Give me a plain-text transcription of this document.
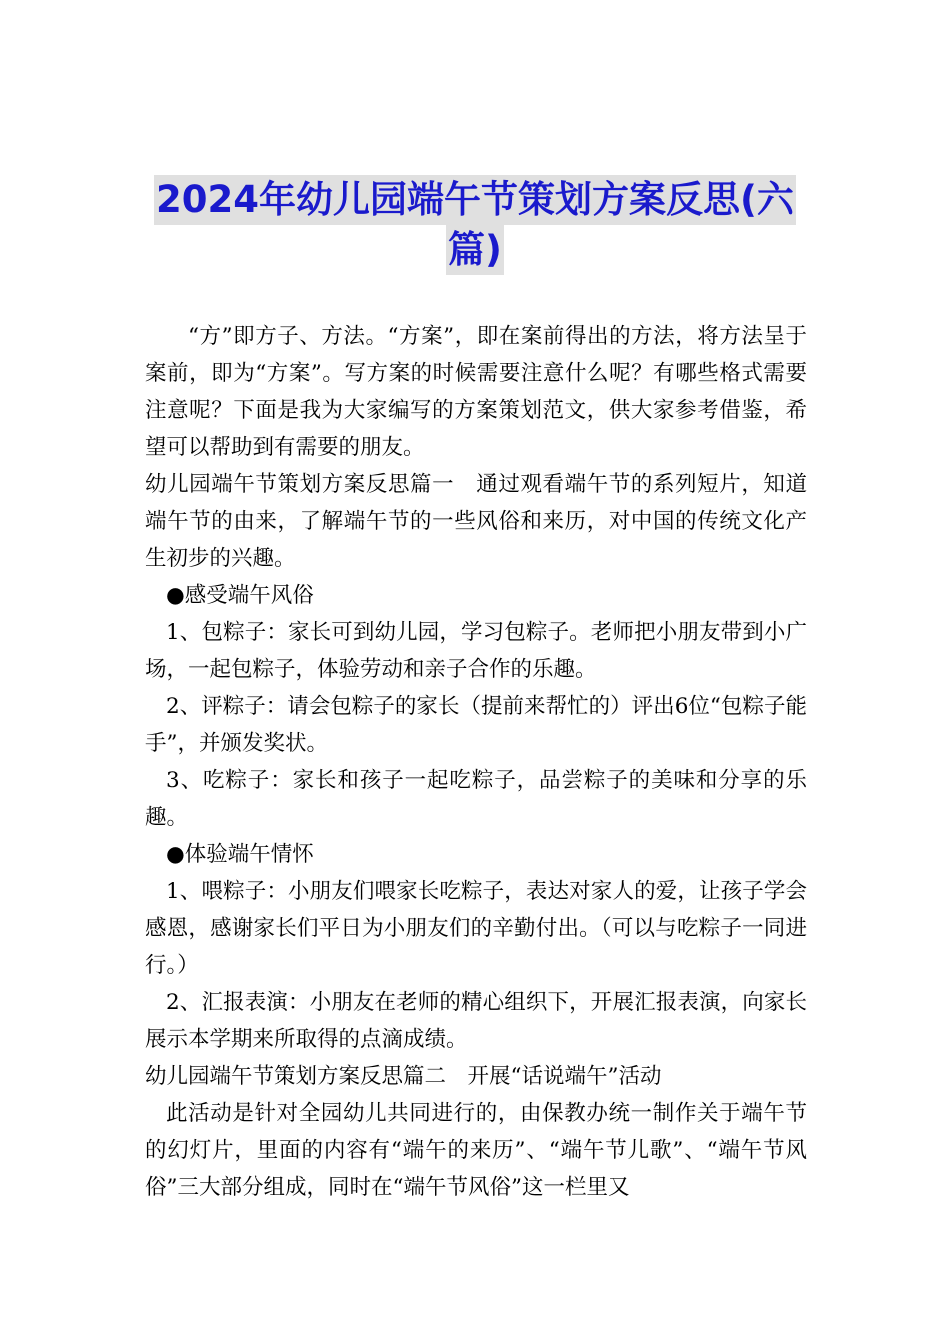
2024年幼儿园端午节策划方案反思(六
篇)

“方”即方子、方法。“方案”，即在案前得出的方法，将方法呈于案前，即为“方案”。写方案的时候需要注意什么呢？有哪些格式需要注意呢？下面是我为大家编写的方案策划范文，供大家参考借鉴，希望可以帮助到有需要的朋友。

幼儿园端午节策划方案反思篇一　通过观看端午节的系列短片，知道端午节的由来，了解端午节的一些风俗和来历，对中国的传统文化产生初步的兴趣。

●感受端午风俗

1、包粽子：家长可到幼儿园，学习包粽子。老师把小朋友带到小广场，一起包粽子，体验劳动和亲子合作的乐趣。

2、评粽子：请会包粽子的家长（提前来帮忙的）评出6位“包粽子能手”，并颁发奖状。

3、吃粽子：家长和孩子一起吃粽子，品尝粽子的美味和分享的乐趣。

●体验端午情怀

1、喂粽子：小朋友们喂家长吃粽子，表达对家人的爱，让孩子学会感恩，感谢家长们平日为小朋友们的辛勤付出。（可以与吃粽子一同进行。）

2、汇报表演：小朋友在老师的精心组织下，开展汇报表演，向家长展示本学期来所取得的点滴成绩。

幼儿园端午节策划方案反思篇二　开展“话说端午”活动

此活动是针对全园幼儿共同进行的，由保教办统一制作关于端午节的幻灯片，里面的内容有“端午的来历”、“端午节儿歌”、“端午节风俗”三大部分组成，同时在“端午节风俗”这一栏里又
